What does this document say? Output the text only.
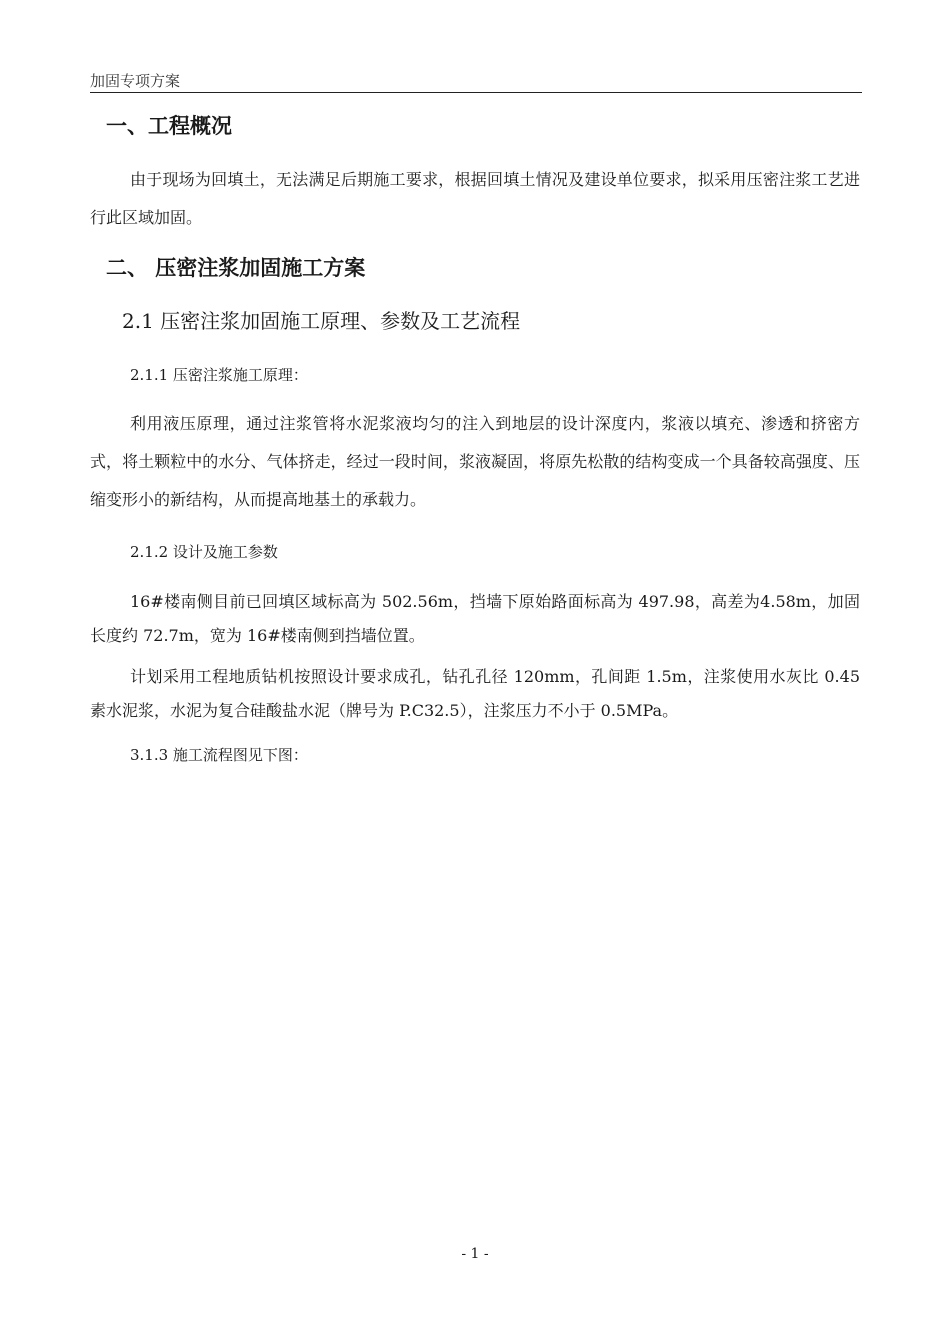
加固专项方案
一、工程概况
由于现场为回填土，无法满足后期施工要求，根据回填土情况及建设单位要求，拟采用压密注浆工艺进行此区域加固。
二、 压密注浆加固施工方案
2.1 压密注浆加固施工原理、参数及工艺流程
2.1.1 压密注浆施工原理：
利用液压原理，通过注浆管将水泥浆液均匀的注入到地层的设计深度内，浆液以填充、渗透和挤密方式，将土颗粒中的水分、气体挤走，经过一段时间，浆液凝固，将原先松散的结构变成一个具备较高强度、压缩变形小的新结构，从而提高地基土的承载力。
2.1.2 设计及施工参数
16#楼南侧目前已回填区域标高为 502.56m，挡墙下原始路面标高为 497.98，高差为4.58m，加固长度约 72.7m，宽为 16#楼南侧到挡墙位置。
计划采用工程地质钻机按照设计要求成孔，钻孔孔径 120mm，孔间距 1.5m，注浆使用水灰比 0.45 素水泥浆，水泥为复合硅酸盐水泥（牌号为 P.C32.5），注浆压力不小于 0.5MPa。
3.1.3 施工流程图见下图：
- 1 -
